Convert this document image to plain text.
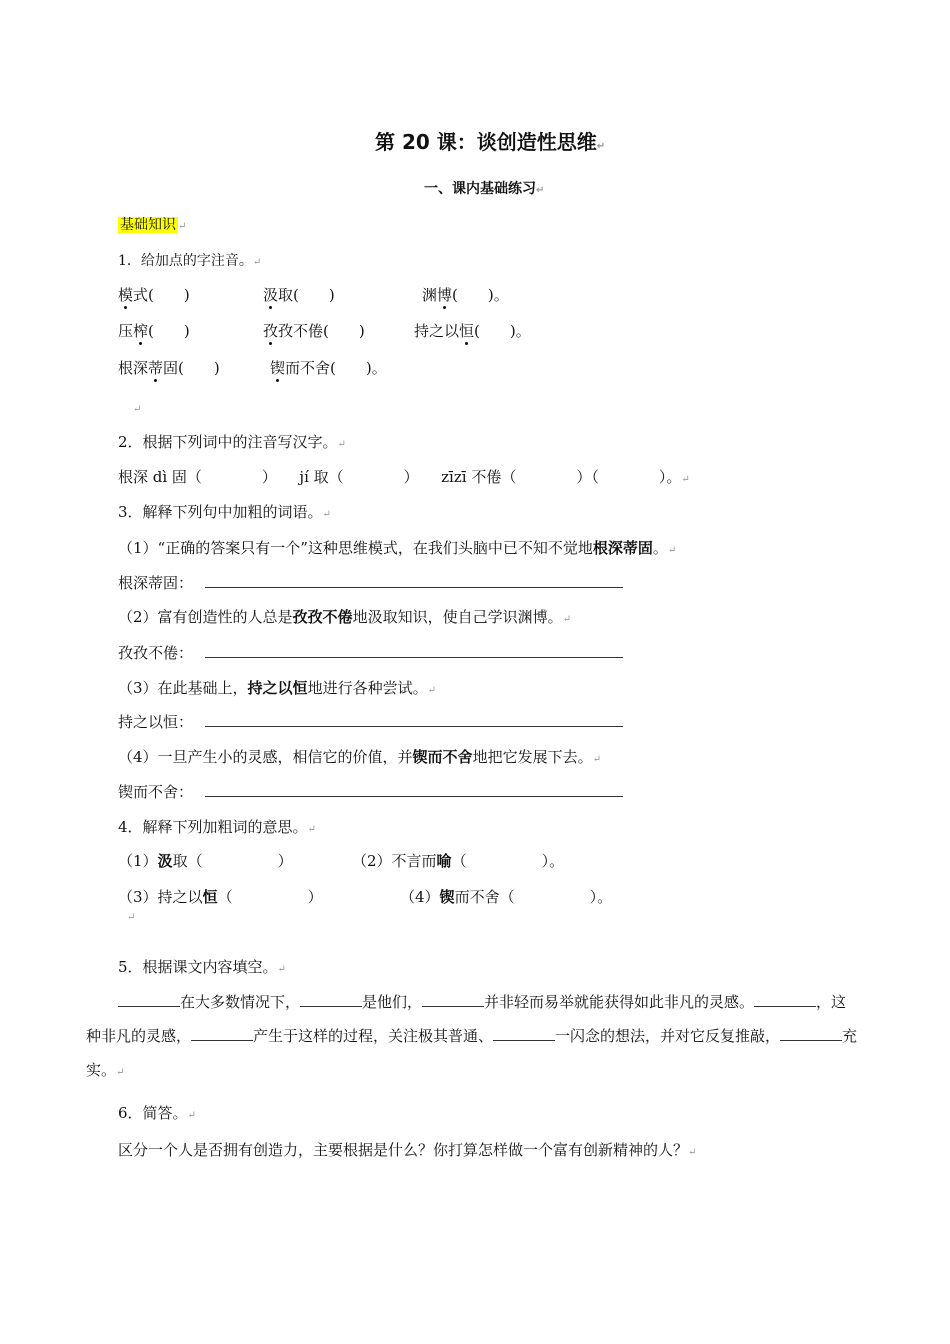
第 20 课：谈创造性思维↵
一、课内基础练习↵
基础知识 ↵
1．给加点的字注音。↵
模式(　　)	汲取(　　)	渊博(　　)。
压榨(　　)	孜孜不倦(　　)	持之以恒(　　)。
根深蒂固(　　)	锲而不舍(　　)。
↵
2．根据下列词中的注音写汉字。↵
根深 dì 固（　　　　）　　jí 取（　　　　）　　zīzī 不倦（　　　　）（　　　　）。↵
3．解释下列句中加粗的词语。↵
（1）“正确的答案只有一个”这种思维模式，在我们头脑中已不知不觉地根深蒂固。↵
根深蒂固：
（2）富有创造性的人总是孜孜不倦地汲取知识，使自己学识渊博。↵
孜孜不倦：
（3）在此基础上，持之以恒地进行各种尝试。↵
持之以恒：
（4）一旦产生小的灵感，相信它的价值，并锲而不舍地把它发展下去。↵
锲而不舍：
4．解释下列加粗词的意思。↵
（1）汲取（　　　　　）	（2）不言而喻（　　　　　）。
（3）持之以恒（　　　　　）	（4）锲而不舍（　　　　　）。
↵
5．根据课文内容填空。↵
在大多数情况下，	是他们，	并非轻而易举就能获得如此非凡的灵感。	，这种非凡的灵感，	产生于这样的过程，关注极其普通、	一闪念的想法，并对它反复推敲，	充实。↵
6．简答。↵
区分一个人是否拥有创造力，主要根据是什么？你打算怎样做一个富有创新精神的人？↵
